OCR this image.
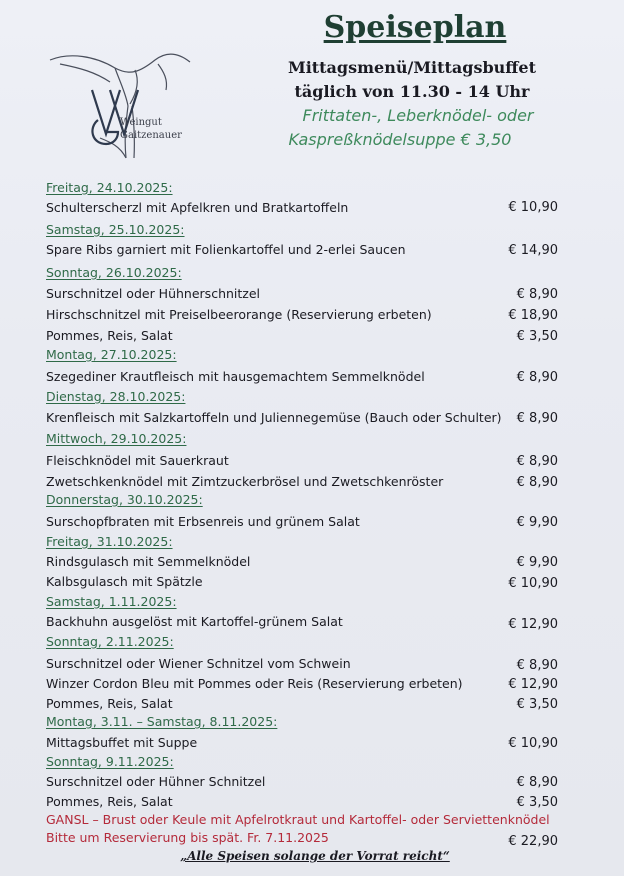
Weingut
Gaitzenauer
Speiseplan
Mittagsmenü/Mittagsbuffet
täglich von 11.30 - 14 Uhr
Frittaten-, Leberknödel- oder
Kaspreßknödelsuppe € 3,50
Freitag, 24.10.2025:
Schulterscherzl mit Apfelkren und Bratkartoffeln	€ 10,90
Samstag, 25.10.2025:
Spare Ribs garniert mit Folienkartoffel und 2-erlei Saucen	€ 14,90
Sonntag, 26.10.2025:
Surschnitzel oder Hühnerschnitzel	€ 8,90
Hirschschnitzel mit Preiselbeerorange (Reservierung erbeten)	€ 18,90
Pommes, Reis, Salat	€ 3,50
Montag, 27.10.2025:
Szegediner Krautfleisch mit hausgemachtem Semmelknödel	€ 8,90
Dienstag, 28.10.2025:
Krenfleisch mit Salzkartoffeln und Juliennegemüse (Bauch oder Schulter) € 8,90
Mittwoch, 29.10.2025:
Fleischknödel mit Sauerkraut	€ 8,90
Zwetschkenknödel mit Zimtzuckerbrösel und Zwetschkenröster	€ 8,90
Donnerstag, 30.10.2025:
Surschopfbraten mit Erbsenreis und grünem Salat	€ 9,90
Freitag, 31.10.2025:
Rindsgulasch mit Semmelknödel	€ 9,90
Kalbsgulasch mit Spätzle	€ 10,90
Samstag, 1.11.2025:
Backhuhn ausgelöst mit Kartoffel-grünem Salat	€ 12,90
Sonntag, 2.11.2025:
Surschnitzel oder Wiener Schnitzel vom Schwein	€ 8,90
Winzer Cordon Bleu mit Pommes oder Reis (Reservierung erbeten)	€ 12,90
Pommes, Reis, Salat	€ 3,50
Montag, 3.11. – Samstag, 8.11.2025:
Mittagsbuffet mit Suppe	€ 10,90
Sonntag, 9.11.2025:
Surschnitzel oder Hühner Schnitzel	€ 8,90
Pommes, Reis, Salat	€ 3,50
GANSL – Brust oder Keule mit Apfelrotkraut und Kartoffel- oder Serviettenknödel
Bitte um Reservierung bis spät. Fr. 7.11.2025	€ 22,90
„Alle Speisen solange der Vorrat reicht“
